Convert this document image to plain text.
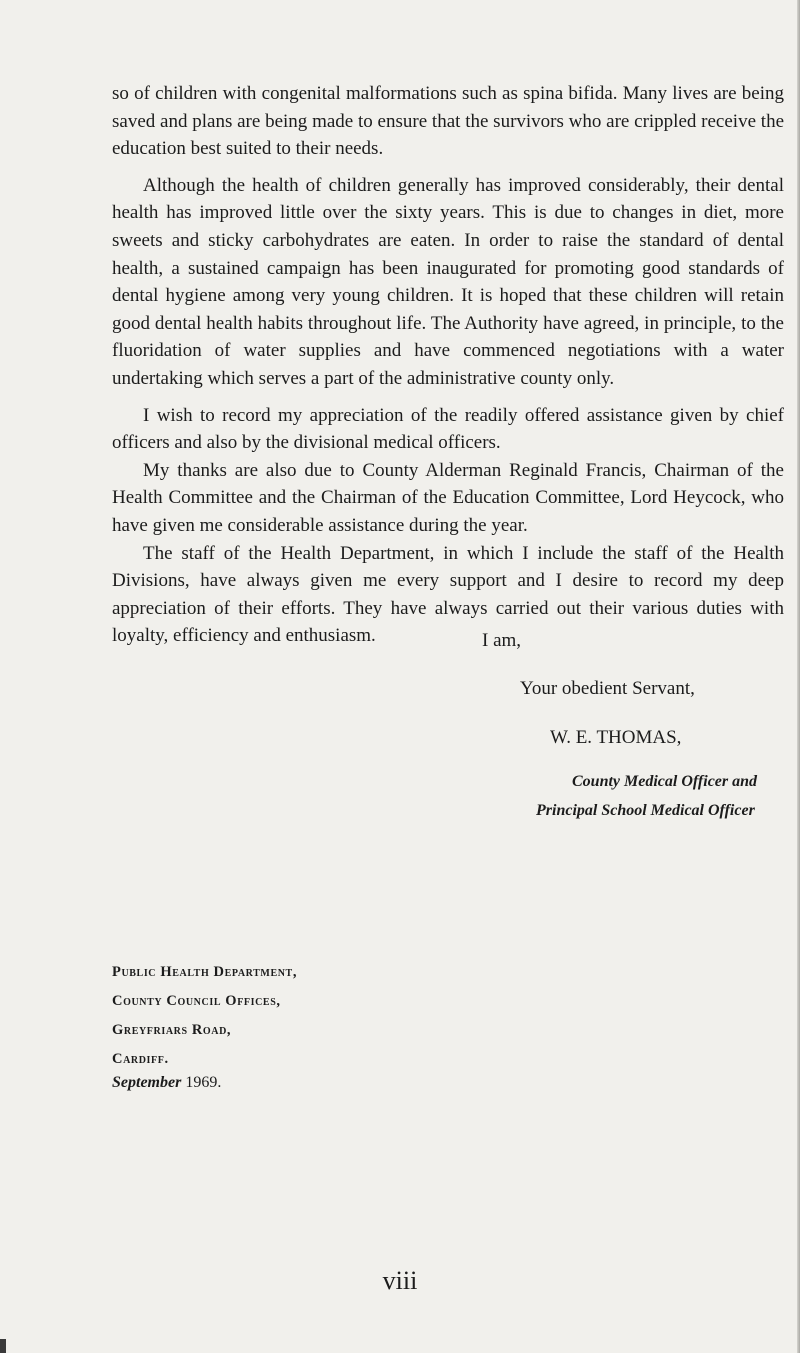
so of children with congenital malformations such as spina bifida. Many lives are being saved and plans are being made to ensure that the survivors who are crippled receive the education best suited to their needs.

Although the health of children generally has improved considerably, their dental health has improved little over the sixty years. This is due to changes in diet, more sweets and sticky carbohydrates are eaten. In order to raise the standard of dental health, a sustained campaign has been inaugurated for promoting good standards of dental hygiene among very young children. It is hoped that these children will retain good dental health habits throughout life. The Authority have agreed, in principle, to the fluoridation of water supplies and have commenced negotiations with a water undertaking which serves a part of the administrative county only.

I wish to record my appreciation of the readily offered assistance given by chief officers and also by the divisional medical officers.

My thanks are also due to County Alderman Reginald Francis, Chairman of the Health Committee and the Chairman of the Education Committee, Lord Heycock, who have given me considerable assistance during the year.

The staff of the Health Department, in which I include the staff of the Health Divisions, have always given me every support and I desire to record my deep appreciation of their efforts. They have always carried out their various duties with loyalty, efficiency and enthusiasm.	I am,
Your obedient Servant,
W. E. THOMAS,
County Medical Officer and
Principal School Medical Officer
Public Health Department,
County Council Offices,
Greyfriars Road,
Cardiff.
September 1969.
viii
